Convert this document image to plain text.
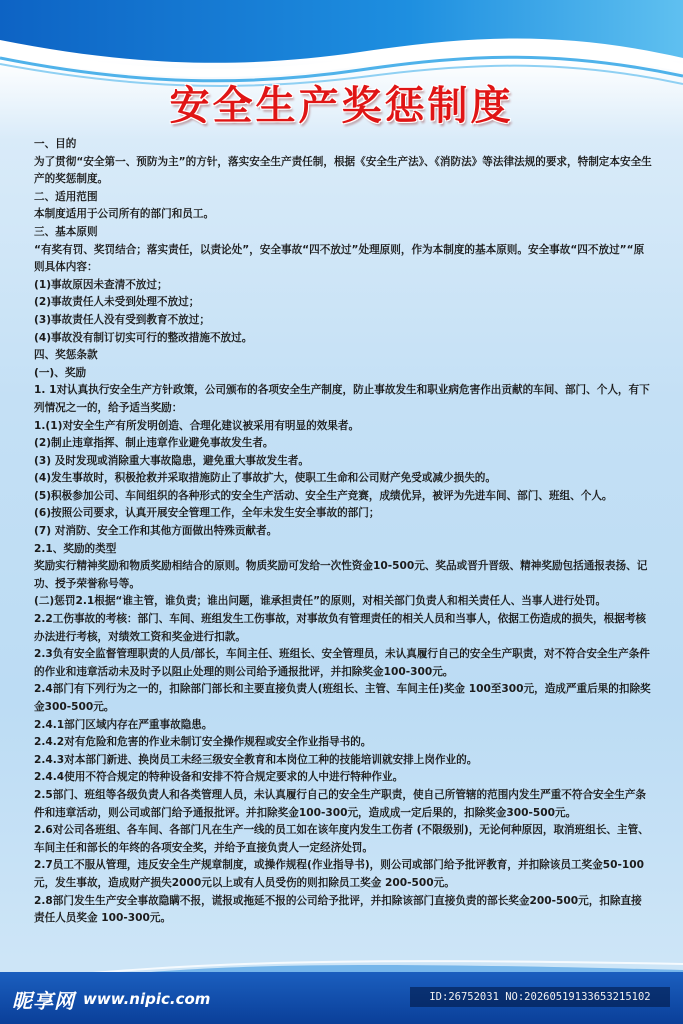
安全生产奖惩制度

一、目的

为了贯彻“安全第一、预防为主”的方针，落实安全生产责任制，根据《安全生产法》、《消防法》等法律法规的要求，特制定本安全生产的奖惩制度。

二、适用范围

本制度适用于公司所有的部门和员工。

三、基本原则

“有奖有罚、奖罚结合；落实责任，以责论处”，安全事故“四不放过”处理原则，作为本制度的基本原则。安全事故“四不放过”“原则具体内容：

(1)事故原因未查清不放过；

(2)事故责任人未受到处理不放过；

(3)事故责任人没有受到教育不放过；

(4)事故没有制订切实可行的整改措施不放过。

四、奖惩条款

(一)、奖励

1. 1对认真执行安全生产方针政策，公司颁布的各项安全生产制度，防止事故发生和职业病危害作出贡献的车间、部门、个人，有下列情况之一的，给予适当奖励：

1.(1)对安全生产有所发明创造、合理化建议被采用有明显的效果者。

(2)制止违章指挥、制止违章作业避免事故发生者。

(3) 及时发现或消除重大事故隐患，避免重大事故发生者。

(4)发生事故时，积极抢救并采取措施防止了事故扩大，使职工生命和公司财产免受或减少损失的。

(5)积极参加公司、车间组织的各种形式的安全生产活动、安全生产竞赛，成绩优异，被评为先进车间、部门、班组、个人。

(6)按照公司要求，认真开展安全管理工作，全年未发生安全事故的部门；

(7) 对消防、安全工作和其他方面做出特殊贡献者。

2.1、奖励的类型

奖励实行精神奖励和物质奖励相结合的原则。物质奖励可发给一次性资金10-500元、奖品或晋升晋级、精神奖励包括通报表扬、记功、授予荣誉称号等。

(二)惩罚2.1根据“谁主管，谁负责；谁出问题，谁承担责任”的原则，对相关部门负责人和相关责任人、当事人进行处罚。

2.2工伤事故的考核：部门、车间、班组发生工伤事故，对事故负有管理责任的相关人员和当事人，依据工伤造成的损失，根据考核办法进行考核，对绩效工资和奖金进行扣款。

2.3负有安全监督管理职责的人员/部长，车间主任、班组长、安全管理员，未认真履行自己的安全生产职责，对不符合安全生产条件的作业和违章活动未及时予以阻止处理的则公司给予通报批评，并扣除奖金100-300元。

2.4部门有下列行为之一的，扣除部门部长和主要直接负责人(班组长、主管、车间主任)奖金 100至300元，造成严重后果的扣除奖金300-500元。

2.4.1部门区域内存在严重事故隐患。

2.4.2对有危险和危害的作业未制订安全操作规程或安全作业指导书的。

2.4.3对本部门新进、换岗员工未经三级安全教育和本岗位工种的技能培训就安排上岗作业的。

2.4.4使用不符合规定的特种设备和安排不符合规定要求的人中进行特种作业。

2.5部门、班组等各级负责人和各类管理人员，未认真履行自己的安全生产职责，使自己所管辖的范围内发生严重不符合安全生产条件和违章活动，则公司或部门给予通报批评。并扣除奖金100-300元，造成成一定后果的，扣除奖金300-500元。

2.6对公司各班组、各车间、各部门凡在生产一线的员工如在该年度内发生工伤者 (不限级别)，无论何种原因，取消班组长、主管、车间主任和部长的年终的各项安全奖，并给予直接负责人一定经济处罚。

2.7员工不服从管理，违反安全生产规章制度，或操作规程(作业指导书)，则公司或部门给予批评教育，并扣除该员工奖金50-100元，发生事故，造成财产损失2000元以上或有人员受伤的则扣除员工奖金 200-500元。

2.8部门发生生产安全事故隐瞒不报，谎报或拖延不报的公司给予批评，并扣除该部门直接负责的部长奖金200-500元，扣除直接责任人员奖金 100-300元。

昵享网 www.nipic.com	ID:26752031 NO:20260519133653215102
